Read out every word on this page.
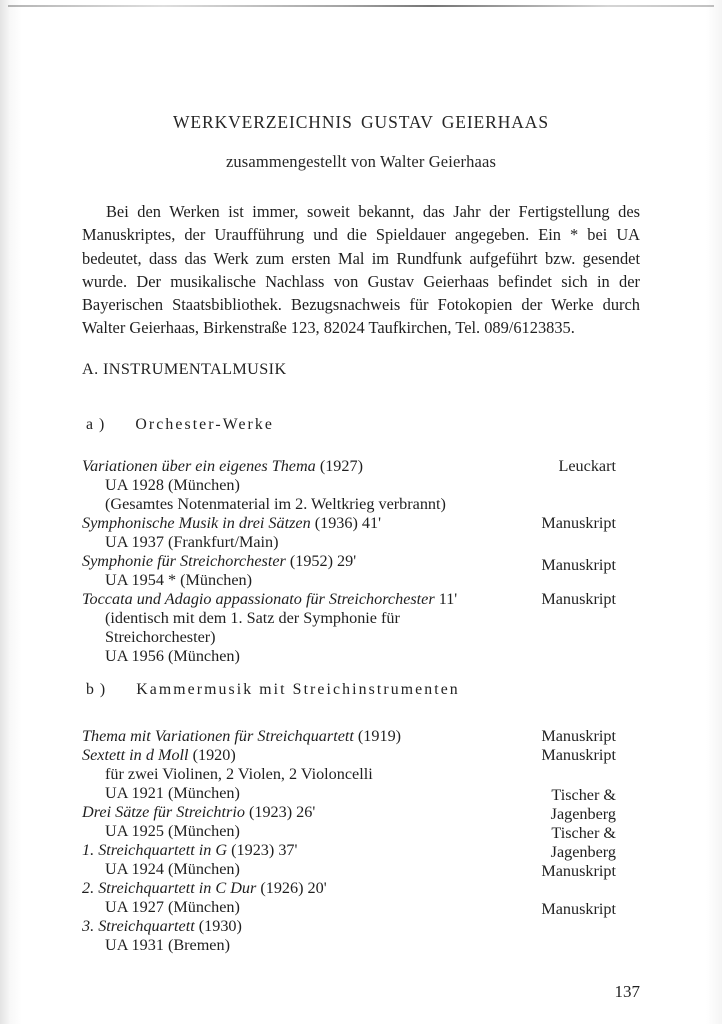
WERKVERZEICHNIS GUSTAV GEIERHAAS
zusammengestellt von Walter Geierhaas
Bei den Werken ist immer, soweit bekannt, das Jahr der Fertigstellung des Manuskriptes, der Uraufführung und die Spieldauer angegeben. Ein * bei UA bedeutet, dass das Werk zum ersten Mal im Rundfunk aufgeführt bzw. gesendet wurde. Der musikalische Nachlass von Gustav Geierhaas befindet sich in der Bayerischen Staatsbibliothek. Bezugsnachweis für Fotokopien der Werke durch Walter Geierhaas, Birkenstraße 123, 82024 Taufkirchen, Tel. 089/6123835.
A. INSTRUMENTALMUSIK
a ) Orchester-Werke
Variationen über ein eigenes Thema (1927)
UA 1928 (München)
(Gesamtes Notenmaterial im 2. Weltkrieg verbrannt)
Symphonische Musik in drei Sätzen (1936) 41'
UA 1937 (Frankfurt/Main)
Symphonie für Streichorchester (1952) 29'
UA 1954 * (München)
Toccata und Adagio appassionato für Streichorchester 11'
(identisch mit dem 1. Satz der Symphonie für
Streichorchester)
UA 1956 (München)
Leuckart
Manuskript
Manuskript
Manuskript
b ) Kammermusik mit Streichinstrumenten
Thema mit Variationen für Streichquartett (1919)
Sextett in d Moll (1920)
für zwei Violinen, 2 Violen, 2 Violoncelli
UA 1921 (München)
Drei Sätze für Streichtrio (1923) 26'
UA 1925 (München)
1. Streichquartett in G (1923) 37'
UA 1924 (München)
2. Streichquartett in C Dur (1926) 20'
UA 1927 (München)
3. Streichquartett (1930)
UA 1931 (Bremen)
Manuskript
Manuskript
Tischer &
Jagenberg
Tischer &
Jagenberg
Manuskript
Manuskript
137
